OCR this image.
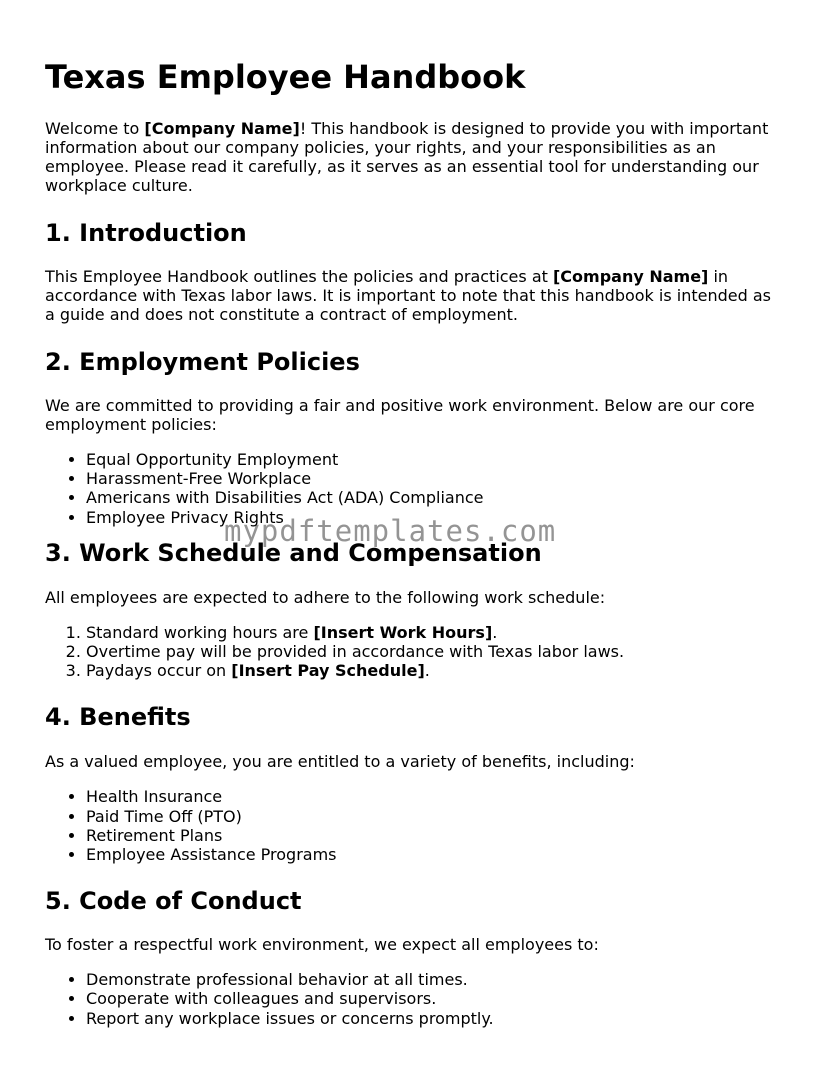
Texas Employee Handbook

Welcome to [Company Name]! This handbook is designed to provide you with important information about our company policies, your rights, and your responsibilities as an employee. Please read it carefully, as it serves as an essential tool for understanding our workplace culture.

1. Introduction

This Employee Handbook outlines the policies and practices at [Company Name] in accordance with Texas labor laws. It is important to note that this handbook is intended as a guide and does not constitute a contract of employment.

2. Employment Policies

We are committed to providing a fair and positive work environment. Below are our core employment policies:

• Equal Opportunity Employment
• Harassment-Free Workplace
• Americans with Disabilities Act (ADA) Compliance
• Employee Privacy Rights
3. Work Schedule and Compensation

All employees are expected to adhere to the following work schedule:

1. Standard working hours are [Insert Work Hours].
2. Overtime pay will be provided in accordance with Texas labor laws.
3. Paydays occur on [Insert Pay Schedule].
4. Benefits

As a valued employee, you are entitled to a variety of benefits, including:

• Health Insurance
• Paid Time Off (PTO)
• Retirement Plans
• Employee Assistance Programs
5. Code of Conduct

To foster a respectful work environment, we expect all employees to:

• Demonstrate professional behavior at all times.
• Cooperate with colleagues and supervisors.
• Report any workplace issues or concerns promptly.
mypdftemplates.com
